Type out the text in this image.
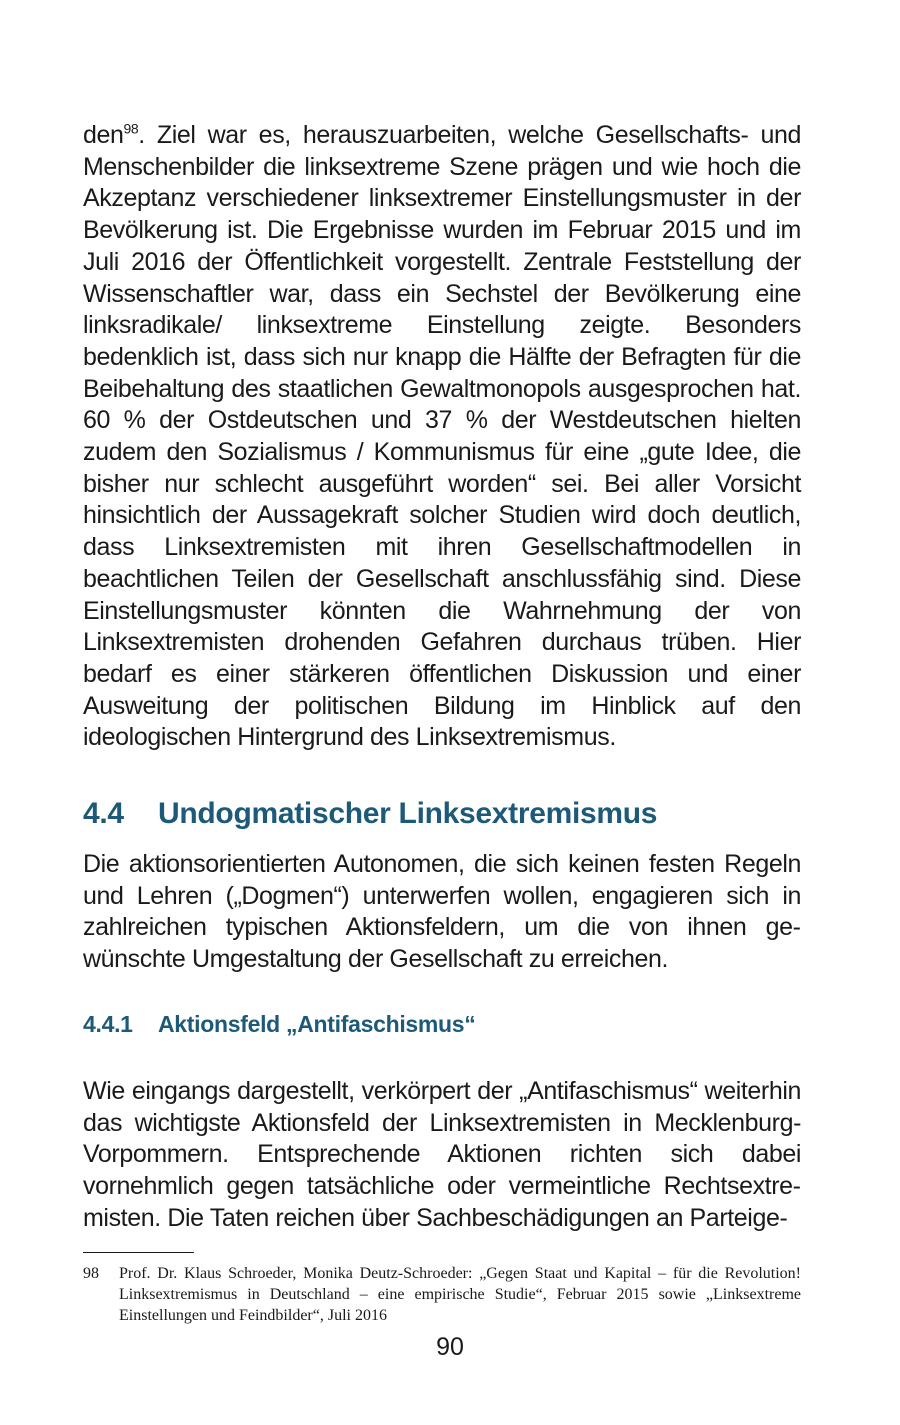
den$^{98}$. Ziel war es, herauszuarbeiten, welche Gesellschafts- und Menschenbilder die linksextreme Szene prägen und wie hoch die Akzeptanz verschiedener linksextremer Einstellungsmuster in der Bevölkerung ist. Die Ergebnisse wurden im Februar 2015 und im Juli 2016 der Öffentlichkeit vorgestellt. Zentrale Feststellung der Wissenschaftler war, dass ein Sechstel der Bevölkerung eine linksradikale/ linksextreme Einstellung zeigte. Besonders bedenklich ist, dass sich nur knapp die Hälfte der Befragten für die Beibehaltung des staatlichen Gewaltmonopols ausgesprochen hat. 60 % der Ostdeutschen und 37 % der Westdeutschen hielten zudem den Sozialismus / Kommunismus für eine „gute Idee, die bisher nur schlecht ausgeführt worden“ sei. Bei aller Vorsicht hinsichtlich der Aussagekraft solcher Studien wird doch deutlich, dass Linksextremisten mit ihren Gesellschaftmodellen in beachtlichen Teilen der Gesellschaft anschlussfähig sind. Diese Einstellungsmuster könnten die Wahrnehmung der von Linksextremisten drohenden Gefahren durchaus trüben. Hier bedarf es einer stärkeren öffentlichen Diskussion und einer Ausweitung der politischen Bildung im Hinblick auf den ideologischen Hintergrund des Linksextremismus.

4.4	Undogmatischer Linksextremismus

Die aktionsorientierten Autonomen, die sich keinen festen Regeln und Lehren („Dogmen“) unterwerfen wollen, engagieren sich in zahlreichen typischen Aktionsfeldern, um die von ihnen gewünschte Umgestaltung der Gesellschaft zu erreichen.

4.4.1	Aktionsfeld „Antifaschismus“

Wie eingangs dargestellt, verkörpert der „Antifaschismus“ weiterhin das wichtigste Aktionsfeld der Linksextremisten in Mecklenburg-Vorpommern. Entsprechende Aktionen richten sich dabei vornehmlich gegen tatsächliche oder vermeintliche Rechtsextremisten. Die Taten reichen über Sachbeschädigungen an Parteige-

98	Prof. Dr. Klaus Schroeder, Monika Deutz-Schroeder: „Gegen Staat und Kapital – für die Revolution! Linksextremismus in Deutschland – eine empirische Studie“, Februar 2015 sowie „Linksextreme Einstellungen und Feindbilder“, Juli 2016
90
